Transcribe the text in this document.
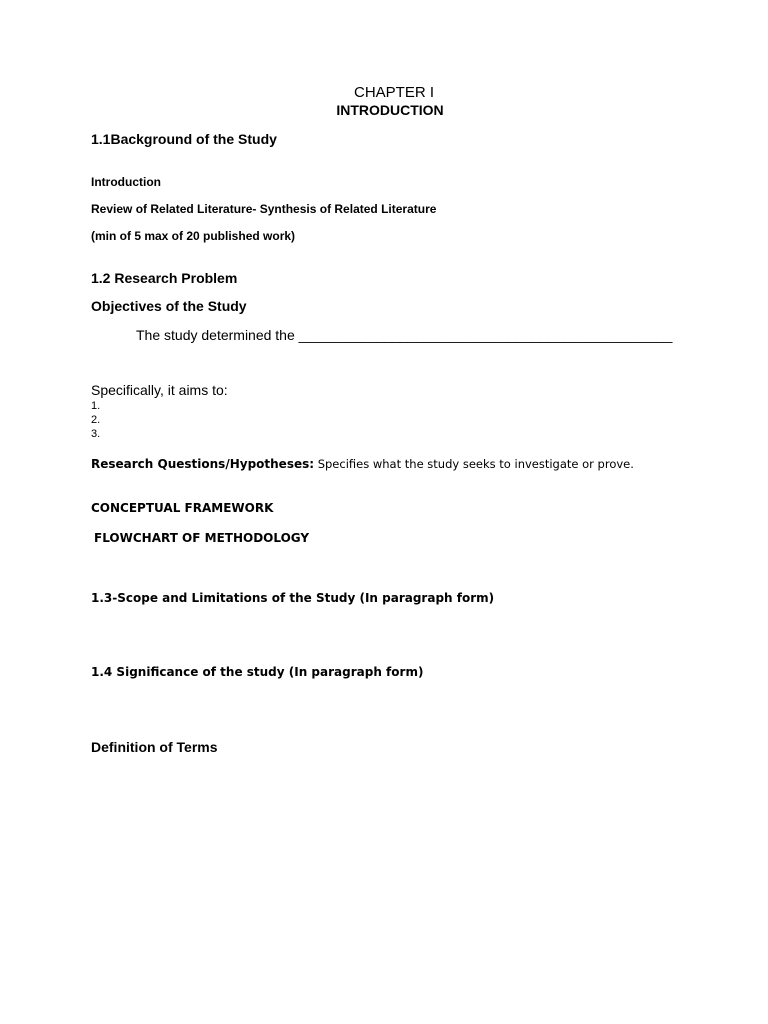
CHAPTER I
INTRODUCTION
1.1Background of the Study
Introduction
Review of Related Literature- Synthesis of Related Literature
(min of 5 max of 20 published work)
1.2 Research Problem
Objectives of the Study
The study determined the ________________________________________________
Specifically, it aims to:
1.
2.
3.
Research Questions/Hypotheses: Specifies what the study seeks to investigate or prove.
CONCEPTUAL FRAMEWORK
FLOWCHART OF METHODOLOGY
1.3-Scope and Limitations of the Study (In paragraph form)
1.4 Significance of the study (In paragraph form)
Definition of Terms
